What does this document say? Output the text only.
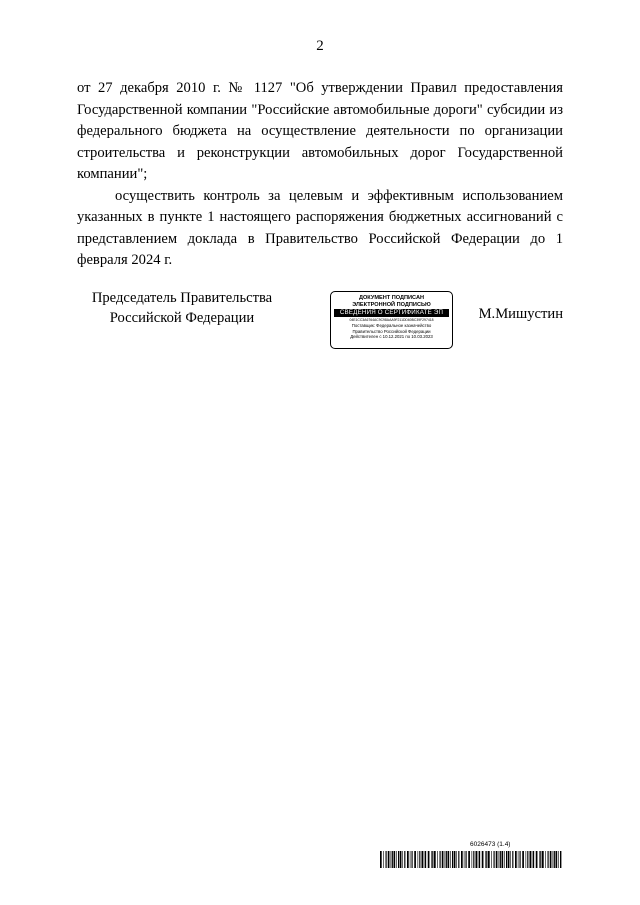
2

от 27 декабря 2010 г. № 1127 "Об утверждении Правил предоставления Государственной компании "Российские автомобильные дороги" субсидии из федерального бюджета на осуществление деятельности по организации строительства и реконструкции автомобильных дорог Государственной компании";

осуществить контроль за целевым и эффективным использованием указанных в пункте 1 настоящего распоряжения бюджетных ассигнований с представлением доклада в Правительство Российской Федерации до 1 февраля 2024 г.

Председатель Правительства
Российской Федерации
ДОКУМЕНТ ПОДПИСАН
ЭЛЕКТРОННОЙ ПОДПИСЬЮ
СВЕДЕНИЯ О СЕРТИФИКАТЕ ЭП
04E1CC3A6764AC9C98AAA9F211DD60BC39F297418
Поставщик: Федеральное казначейство
Правительство Российской Федерации
Действителен с 10.12.2021 по 10.03.2023
М.Мишустин
6026473 (1.4)
